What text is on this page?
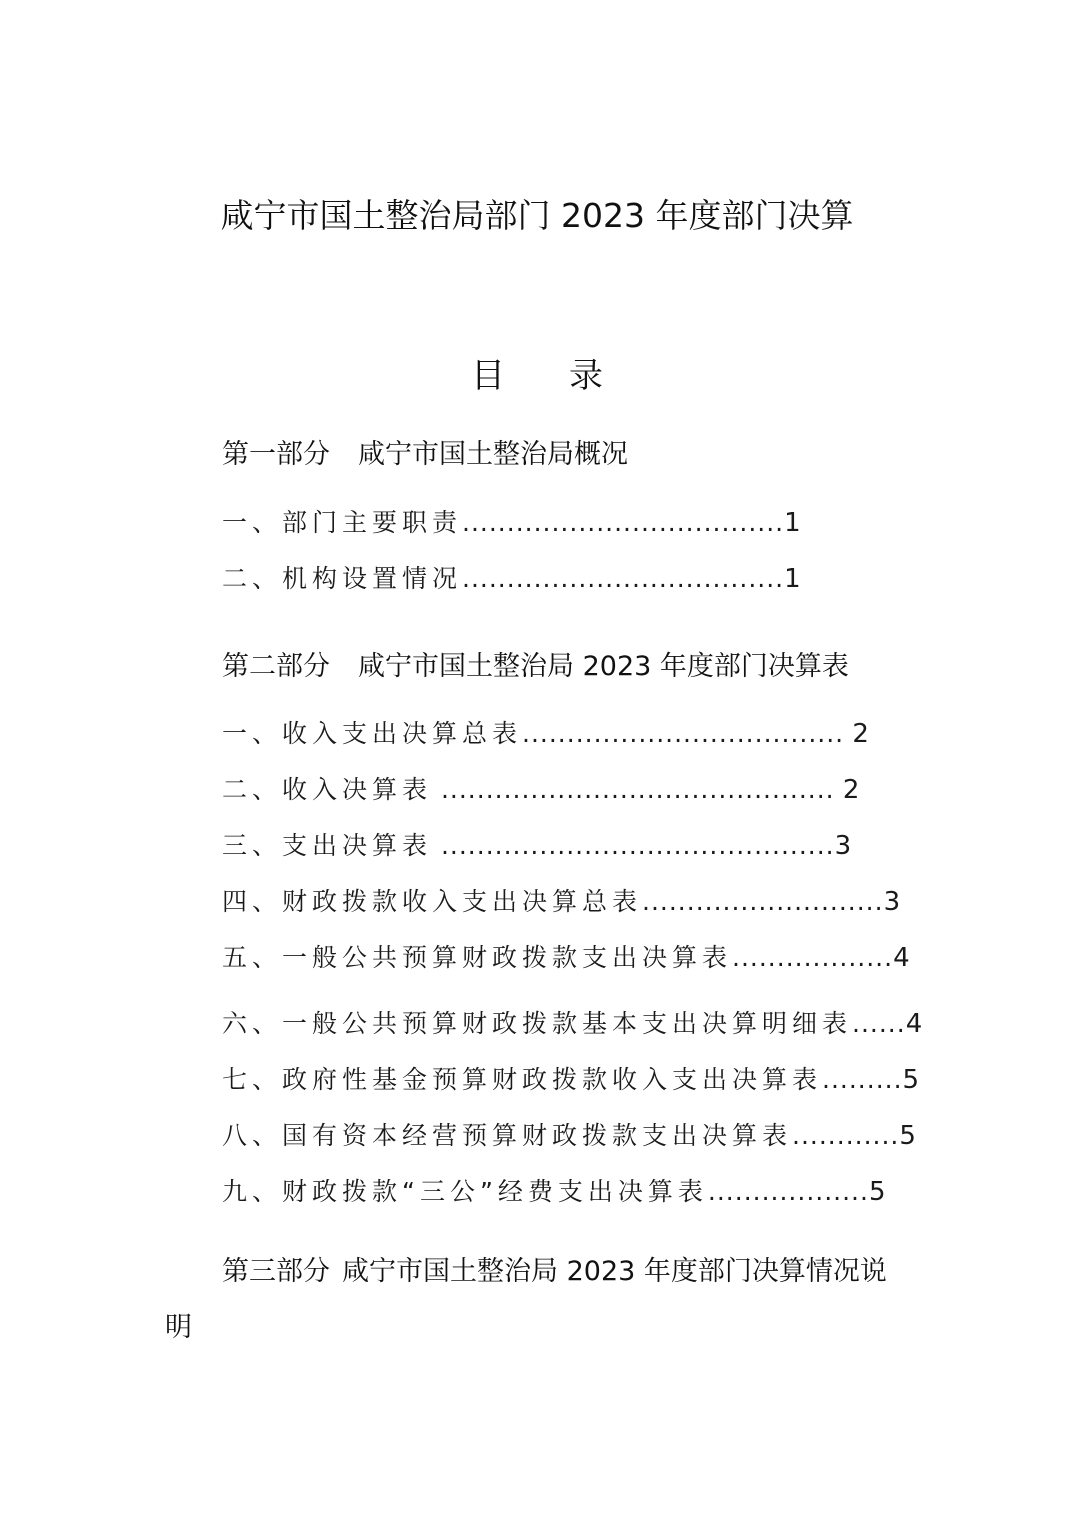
咸宁市国土整治局部门 2023 年度部门决算
目 录
第一部分 咸宁市国土整治局概况
一、部门主要职责....................................1
二、机构设置情况....................................1
第二部分 咸宁市国土整治局 2023 年度部门决算表
一、收入支出决算总表.................................... 2
二、收入决算表 ............................................ 2
三、支出决算表 ............................................3
四、财政拨款收入支出决算总表...........................3
五、一般公共预算财政拨款支出决算表..................4
六、一般公共预算财政拨款基本支出决算明细表......4
七、政府性基金预算财政拨款收入支出决算表.........5
八、国有资本经营预算财政拨款支出决算表............5
九、财政拨款“三公”经费支出决算表..................5
第三部分 咸宁市国土整治局 2023 年度部门决算情况说
明
